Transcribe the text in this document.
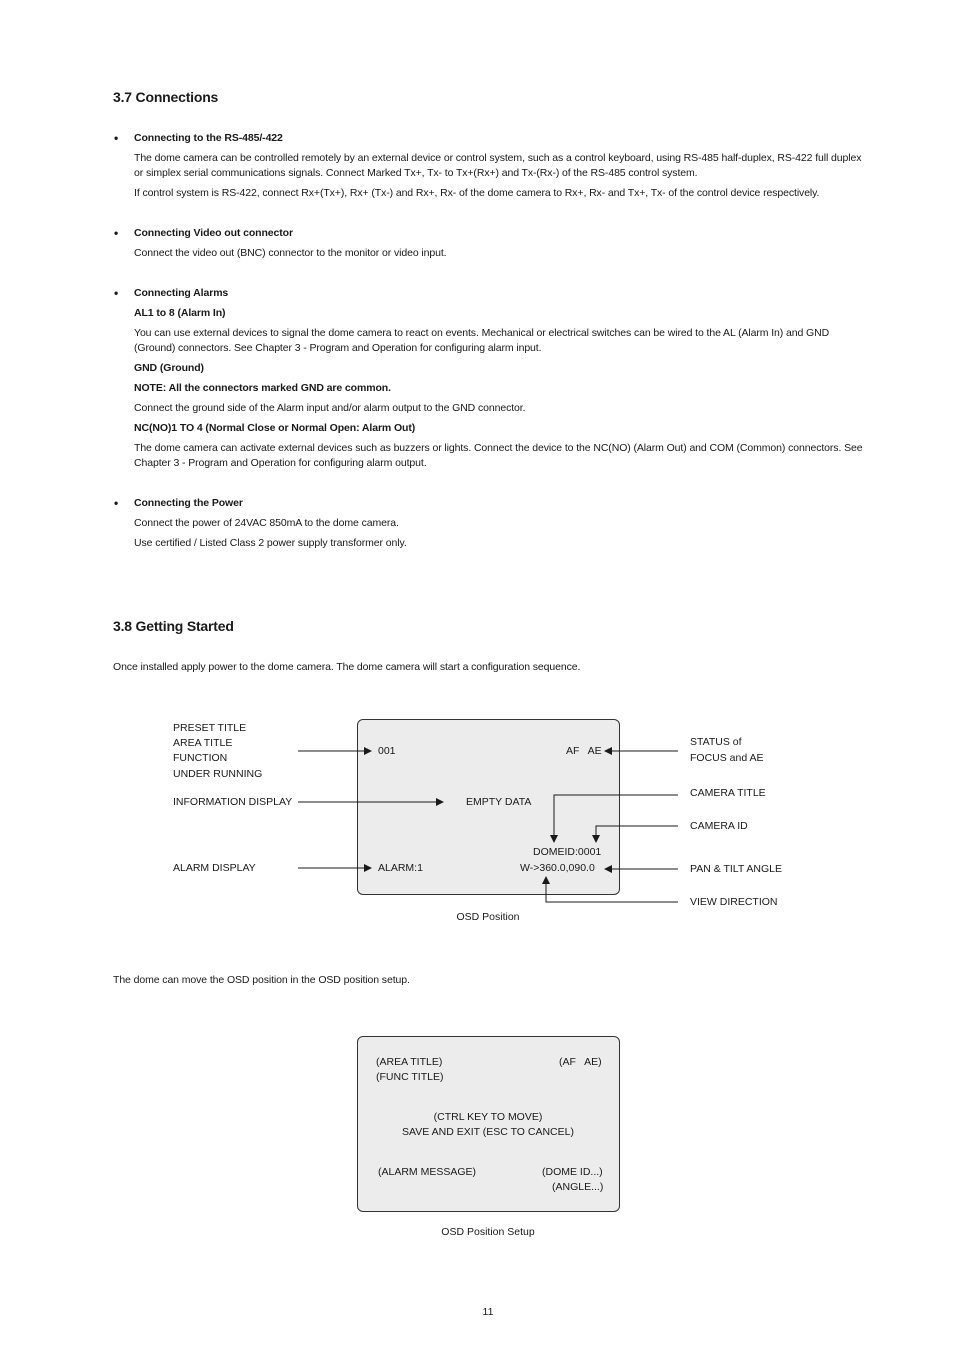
3.7 Connections
• Connecting to the RS-485/-422
The dome camera can be controlled remotely by an external device or control system, such as a control keyboard, using RS-485 half-duplex, RS-422 full duplex or simplex serial communications signals. Connect Marked Tx+, Tx- to Tx+(Rx+) and Tx-(Rx-) of the RS-485 control system.
If control system is RS-422, connect Rx+(Tx+), Rx+ (Tx-) and Rx+, Rx- of the dome camera to Rx+, Rx- and Tx+, Tx- of the control device respectively.
• Connecting Video out connector
Connect the video out (BNC) connector to the monitor or video input.
• Connecting Alarms
AL1 to 8 (Alarm In)
You can use external devices to signal the dome camera to react on events. Mechanical or electrical switches can be wired to the AL (Alarm In) and GND (Ground) connectors. See Chapter 3 - Program and Operation for configuring alarm input.
GND (Ground)
NOTE: All the connectors marked GND are common.
Connect the ground side of the Alarm input and/or alarm output to the GND connector.
NC(NO)1 TO 4 (Normal Close or Normal Open: Alarm Out)
The dome camera can activate external devices such as buzzers or lights. Connect the device to the NC(NO) (Alarm Out) and COM (Common) connectors. See Chapter 3 - Program and Operation for configuring alarm output.
• Connecting the Power
Connect the power of 24VAC 850mA to the dome camera.
Use certified / Listed Class 2 power supply transformer only.
3.8 Getting Started
Once installed apply power to the dome camera. The dome camera will start a configuration sequence.
PRESET TITLE
AREA TITLE
FUNCTION
UNDER RUNNING
INFORMATION DISPLAY
ALARM DISPLAY
STATUS of
FOCUS and AE
CAMERA TITLE
CAMERA ID
PAN & TILT ANGLE
VIEW DIRECTION
001	AF   AE
EMPTY DATA
DOMEID:0001
W->360.0,090.0
ALARM:1
OSD Position
The dome can move the OSD position in the OSD position setup.
(AREA TITLE)
(FUNC TITLE)
(AF   AE)
(CTRL KEY TO MOVE)
SAVE AND EXIT (ESC TO CANCEL)
(ALARM MESSAGE)	(DOME ID...)
(ANGLE...)
OSD Position Setup
11
